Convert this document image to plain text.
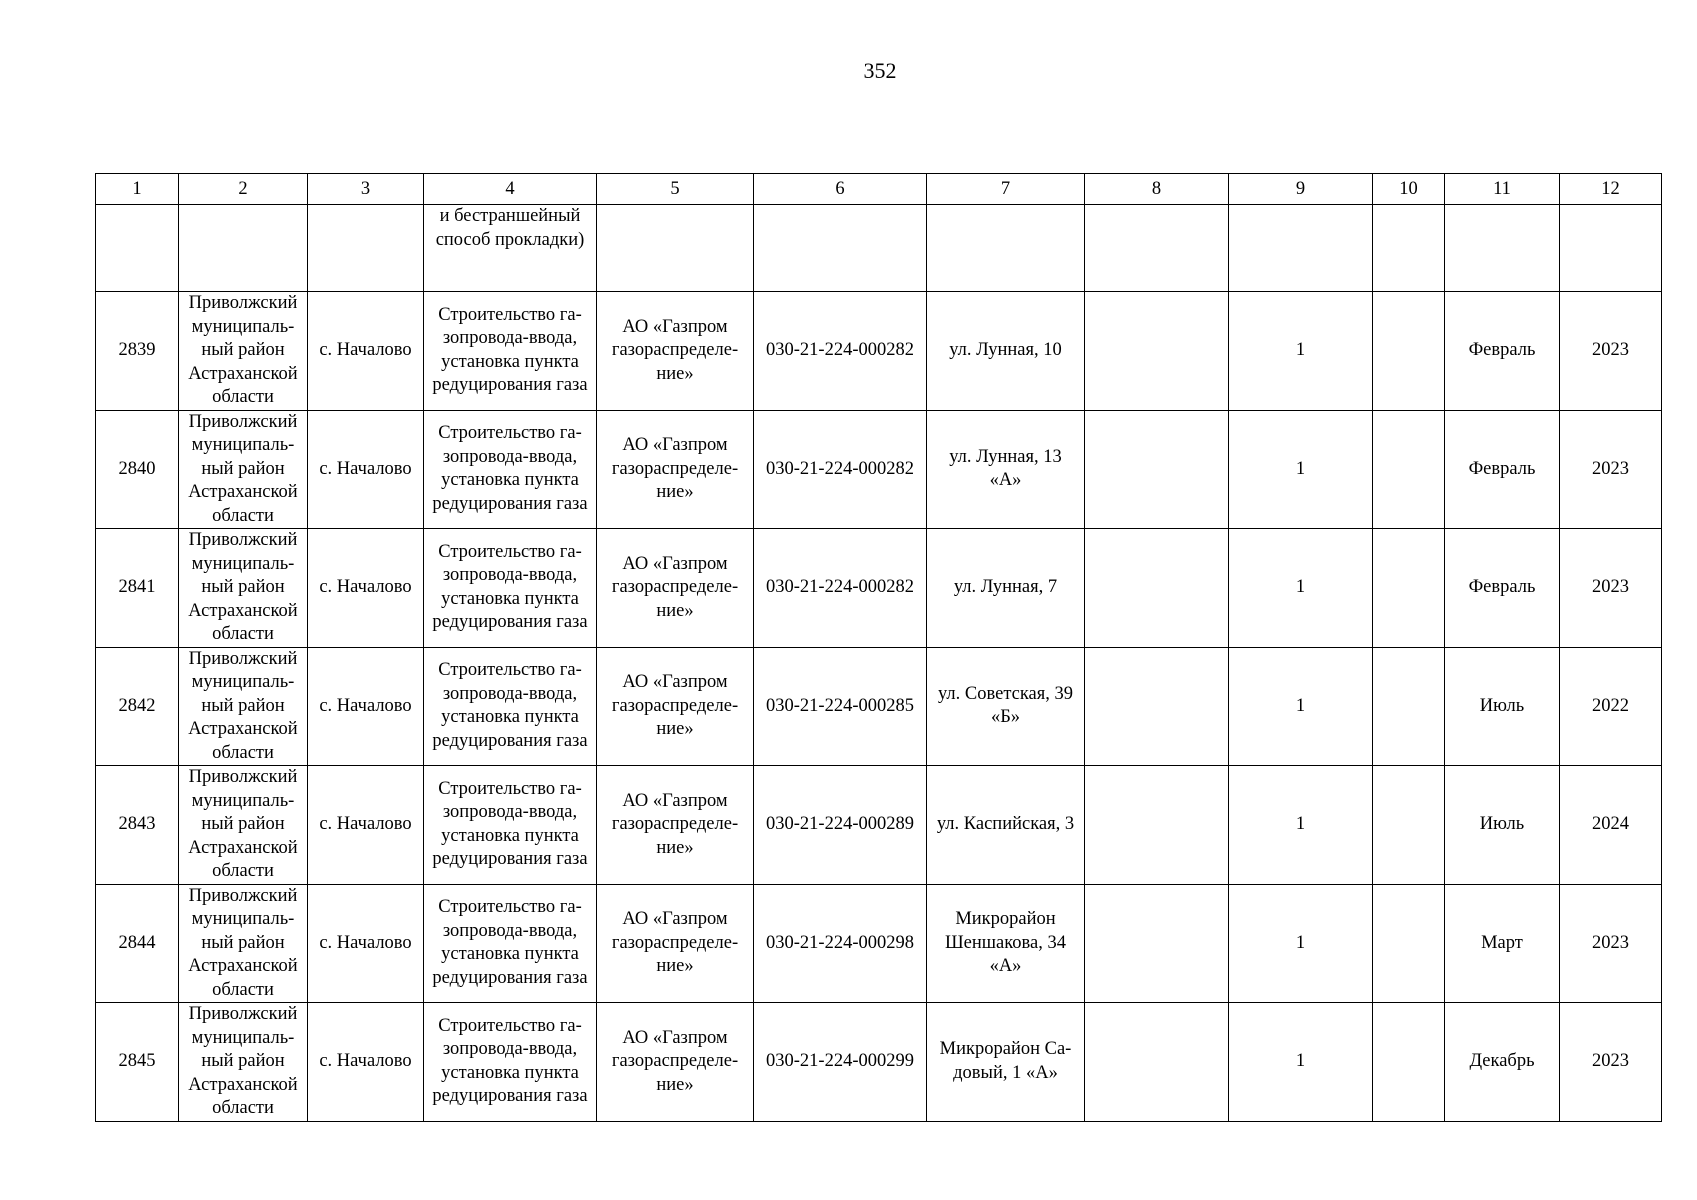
352
1	2	3	4	5	6	7	8	9	10	11	12

			и бестраншейный
способ прокладки)								

2839	Приволжский
муниципаль-
ный район
Астраханской
области	с. Началово	Строительство га-
зопровода-ввода,
установка пункта
редуцирования газа	АО «Газпром
газораспределе-
ние»	030-21-224-000282	ул. Лунная, 10		1		Февраль	2023

2840	Приволжский
муниципаль-
ный район
Астраханской
области	с. Началово	Строительство га-
зопровода-ввода,
установка пункта
редуцирования газа	АО «Газпром
газораспределе-
ние»	030-21-224-000282	ул. Лунная, 13
«А»		1		Февраль	2023

2841	Приволжский
муниципаль-
ный район
Астраханской
области	с. Началово	Строительство га-
зопровода-ввода,
установка пункта
редуцирования газа	АО «Газпром
газораспределе-
ние»	030-21-224-000282	ул. Лунная, 7		1		Февраль	2023

2842	Приволжский
муниципаль-
ный район
Астраханской
области	с. Началово	Строительство га-
зопровода-ввода,
установка пункта
редуцирования газа	АО «Газпром
газораспределе-
ние»	030-21-224-000285	ул. Советская, 39
«Б»		1		Июль	2022

2843	Приволжский
муниципаль-
ный район
Астраханской
области	с. Началово	Строительство га-
зопровода-ввода,
установка пункта
редуцирования газа	АО «Газпром
газораспределе-
ние»	030-21-224-000289	ул. Каспийская, 3		1		Июль	2024

2844	Приволжский
муниципаль-
ный район
Астраханской
области	с. Началово	Строительство га-
зопровода-ввода,
установка пункта
редуцирования газа	АО «Газпром
газораспределе-
ние»	030-21-224-000298	Микрорайон
Шеншакова, 34
«А»		1		Март	2023

2845	Приволжский
муниципаль-
ный район
Астраханской
области	с. Началово	Строительство га-
зопровода-ввода,
установка пункта
редуцирования газа	АО «Газпром
газораспределе-
ние»	030-21-224-000299	Микрорайон Са-
довый, 1 «А»		1		Декабрь	2023
